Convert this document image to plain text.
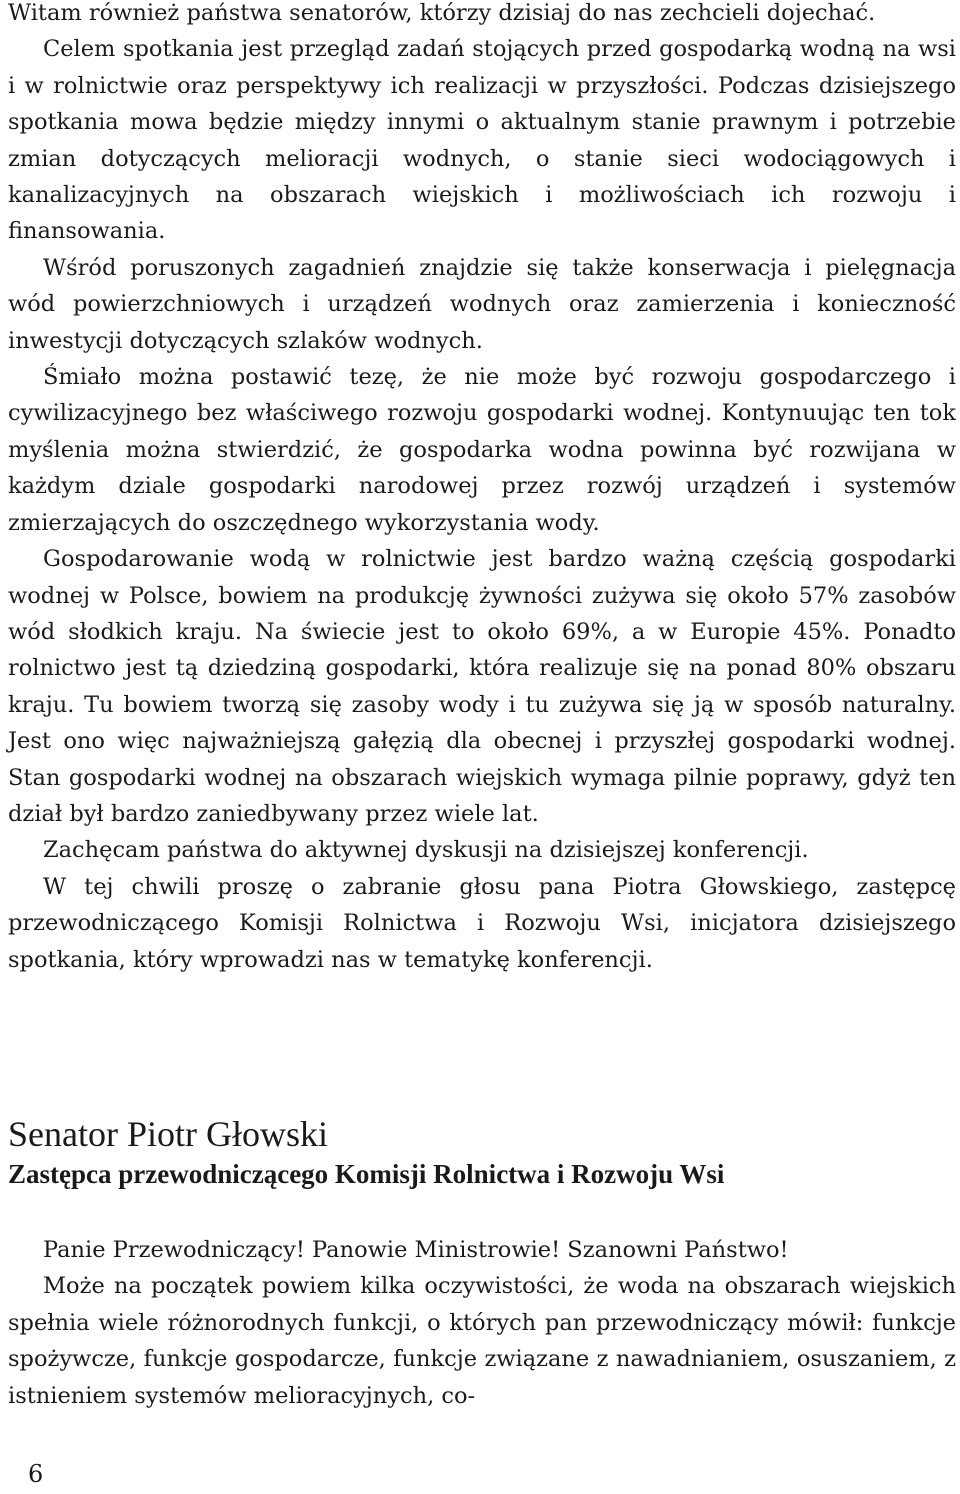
Witam również państwa senatorów, którzy dzisiaj do nas zechcieli dojechać.

Celem spotkania jest przegląd zadań stojących przed gospodarką wodną na wsi i w rolnictwie oraz perspektywy ich realizacji w przyszłości. Podczas dzisiejszego spotkania mowa będzie między innymi o aktualnym stanie prawnym i potrzebie zmian dotyczących melioracji wodnych, o stanie sieci wodociągowych i kanalizacyjnych na obszarach wiejskich i możliwościach ich rozwoju i finansowania.

Wśród poruszonych zagadnień znajdzie się także konserwacja i pielęgnacja wód powierzchniowych i urządzeń wodnych oraz zamierzenia i konieczność inwestycji dotyczących szlaków wodnych.

Śmiało można postawić tezę, że nie może być rozwoju gospodarczego i cywilizacyjnego bez właściwego rozwoju gospodarki wodnej. Kontynuując ten tok myślenia można stwierdzić, że gospodarka wodna powinna być rozwijana w każdym dziale gospodarki narodowej przez rozwój urządzeń i systemów zmierzających do oszczędnego wykorzystania wody.

Gospodarowanie wodą w rolnictwie jest bardzo ważną częścią gospodarki wodnej w Polsce, bowiem na produkcję żywności zużywa się około 57% zasobów wód słodkich kraju. Na świecie jest to około 69%, a w Europie 45%. Ponadto rolnictwo jest tą dziedziną gospodarki, która realizuje się na ponad 80% obszaru kraju. Tu bowiem tworzą się zasoby wody i tu zużywa się ją w sposób naturalny. Jest ono więc najważniejszą gałęzią dla obecnej i przyszłej gospodarki wodnej. Stan gospodarki wodnej na obszarach wiejskich wymaga pilnie poprawy, gdyż ten dział był bardzo zaniedbywany przez wiele lat.

Zachęcam państwa do aktywnej dyskusji na dzisiejszej konferencji.

W tej chwili proszę o zabranie głosu pana Piotra Głowskiego, zastępcę przewodniczącego Komisji Rolnictwa i Rozwoju Wsi, inicjatora dzisiejszego spotkania, który wprowadzi nas w tematykę konferencji.

Senator Piotr Głowski
Zastępca przewodniczącego Komisji Rolnictwa i Rozwoju Wsi

Panie Przewodniczący! Panowie Ministrowie! Szanowni Państwo!

Może na początek powiem kilka oczywistości, że woda na obszarach wiejskich spełnia wiele różnorodnych funkcji, o których pan przewodniczący mówił: funkcje spożywcze, funkcje gospodarcze, funkcje związane z nawadnianiem, osuszaniem, z istnieniem systemów melioracyjnych, co-

6
